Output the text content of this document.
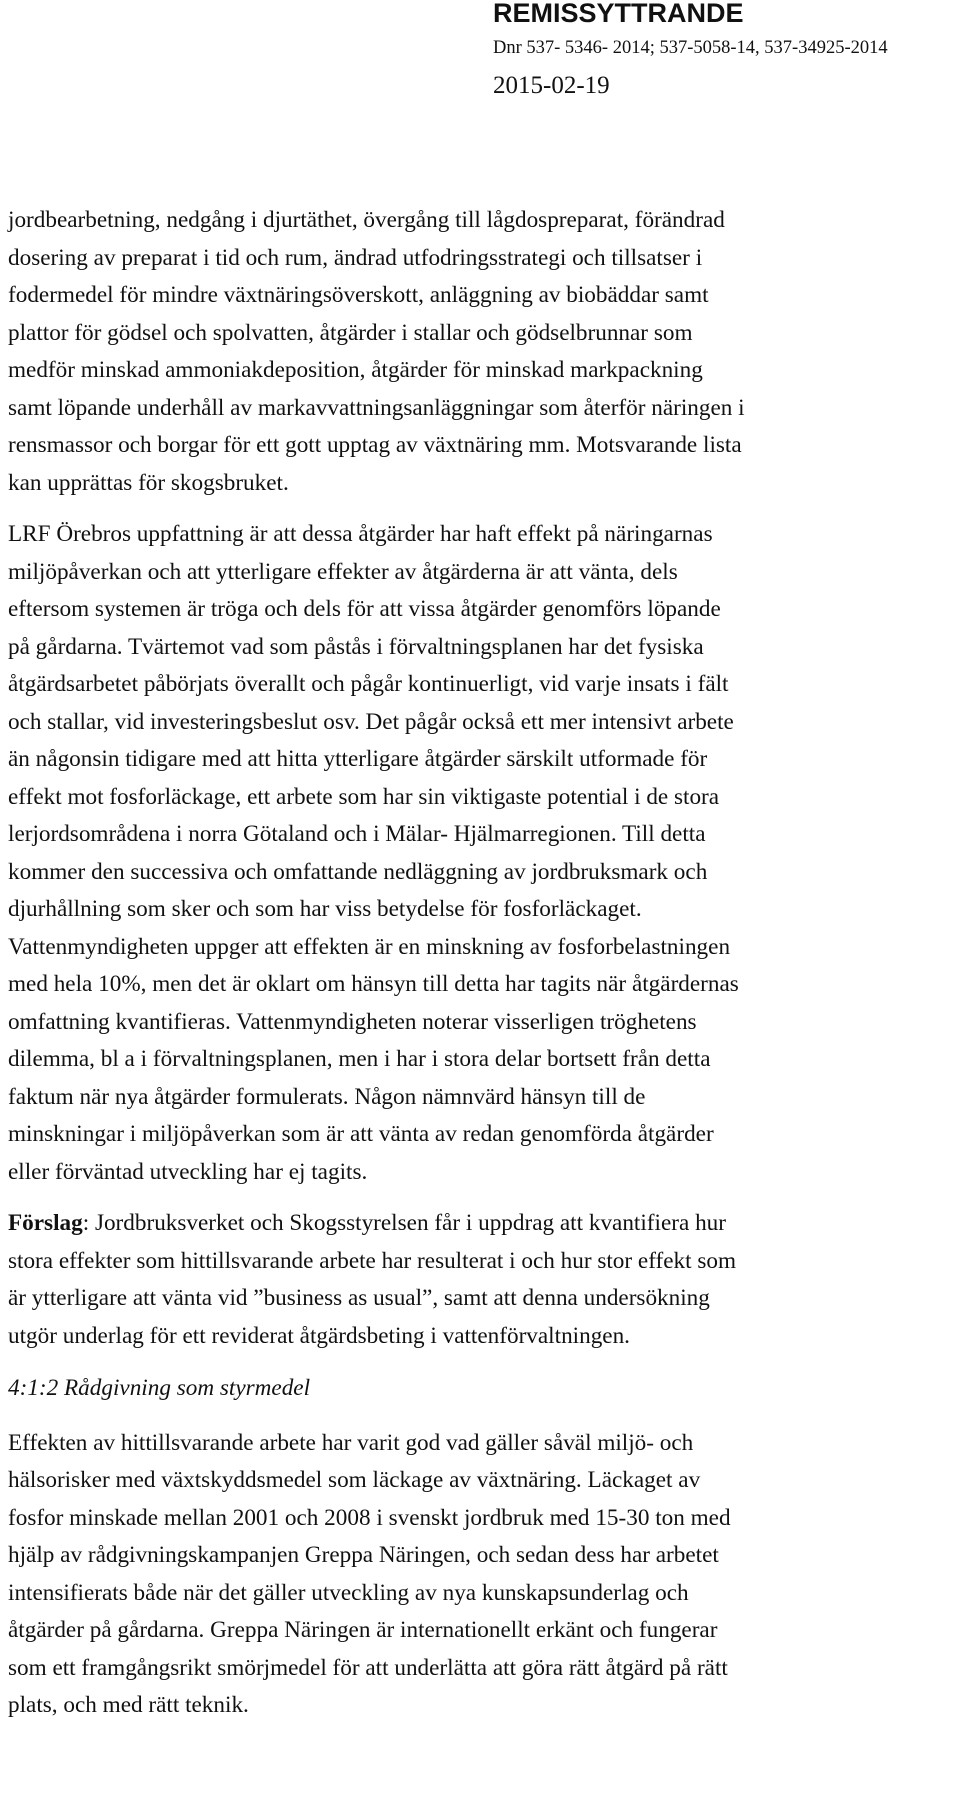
REMISSYTTRANDE
Dnr 537- 5346- 2014; 537-5058-14, 537-34925-2014
2015-02-19

jordbearbetning, nedgång i djurtäthet, övergång till lågdospreparat, förändrad
dosering av preparat i tid och rum, ändrad utfodringsstrategi och tillsatser i
fodermedel för mindre växtnäringsöverskott, anläggning av biobäddar samt
plattor för gödsel och spolvatten, åtgärder i stallar och gödselbrunnar som
medför minskad ammoniakdeposition, åtgärder för minskad markpackning
samt löpande underhåll av markavvattningsanläggningar som återför näringen i
rensmassor och borgar för ett gott upptag av växtnäring mm. Motsvarande lista
kan upprättas för skogsbruket.

LRF Örebros uppfattning är att dessa åtgärder har haft effekt på näringarnas
miljöpåverkan och att ytterligare effekter av åtgärderna är att vänta, dels
eftersom systemen är tröga och dels för att vissa åtgärder genomförs löpande
på gårdarna. Tvärtemot vad som påstås i förvaltningsplanen har det fysiska
åtgärdsarbetet påbörjats överallt och pågår kontinuerligt, vid varje insats i fält
och stallar, vid investeringsbeslut osv. Det pågår också ett mer intensivt arbete
än någonsin tidigare med att hitta ytterligare åtgärder särskilt utformade för
effekt mot fosforläckage, ett arbete som har sin viktigaste potential i de stora
lerjordsområdena i norra Götaland och i Mälar- Hjälmarregionen. Till detta
kommer den successiva och omfattande nedläggning av jordbruksmark och
djurhållning som sker och som har viss betydelse för fosforläckaget.
Vattenmyndigheten uppger att effekten är en minskning av fosforbelastningen
med hela 10%, men det är oklart om hänsyn till detta har tagits när åtgärdernas
omfattning kvantifieras. Vattenmyndigheten noterar visserligen tröghetens
dilemma, bl a i förvaltningsplanen, men i har i stora delar bortsett från detta
faktum när nya åtgärder formulerats. Någon nämnvärd hänsyn till de
minskningar i miljöpåverkan som är att vänta av redan genomförda åtgärder
eller förväntad utveckling har ej tagits.

Förslag: Jordbruksverket och Skogsstyrelsen får i uppdrag att kvantifiera hur
stora effekter som hittillsvarande arbete har resulterat i och hur stor effekt som
är ytterligare att vänta vid ”business as usual”, samt att denna undersökning
utgör underlag för ett reviderat åtgärdsbeting i vattenförvaltningen.

4:1:2 Rådgivning som styrmedel

Effekten av hittillsvarande arbete har varit god vad gäller såväl miljö- och
hälsorisker med växtskyddsmedel som läckage av växtnäring. Läckaget av
fosfor minskade mellan 2001 och 2008 i svenskt jordbruk med 15-30 ton med
hjälp av rådgivningskampanjen Greppa Näringen, och sedan dess har arbetet
intensifierats både när det gäller utveckling av nya kunskapsunderlag och
åtgärder på gårdarna. Greppa Näringen är internationellt erkänt och fungerar
som ett framgångsrikt smörjmedel för att underlätta att göra rätt åtgärd på rätt
plats, och med rätt teknik.
